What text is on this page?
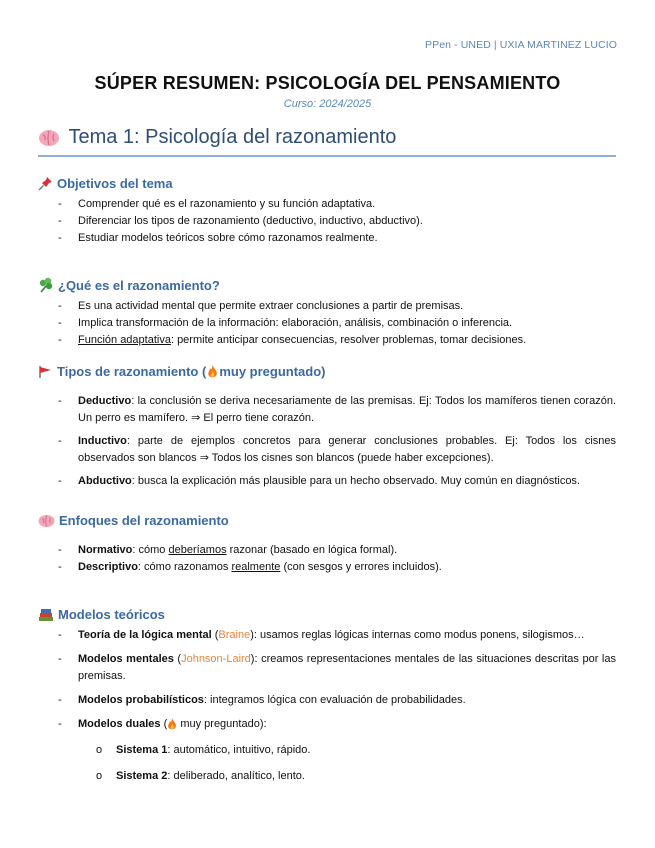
PPen - UNED | UXIA MARTINEZ LUCIO
SÚPER RESUMEN: PSICOLOGÍA DEL PENSAMIENTO
Curso: 2024/2025
Tema 1: Psicología del razonamiento
Objetivos del tema
- Comprender qué es el razonamiento y su función adaptativa.
- Diferenciar los tipos de razonamiento (deductivo, inductivo, abductivo).
- Estudiar modelos teóricos sobre cómo razonamos realmente.
¿Qué es el razonamiento?
- Es una actividad mental que permite extraer conclusiones a partir de premisas.
- Implica transformación de la información: elaboración, análisis, combinación o inferencia.
- Función adaptativa: permite anticipar consecuencias, resolver problemas, tomar decisiones.
Tipos de razonamiento
( muy preguntado)
- Deductivo: la conclusión se deriva necesariamente de las premisas. Ej: Todos los mamíferos tienen corazón. Un perro es mamífero. ⇒ El perro tiene corazón.
- Inductivo: parte de ejemplos concretos para generar conclusiones probables. Ej: Todos los cisnes observados son blancos ⇒ Todos los cisnes son blancos (puede haber excepciones).
- Abductivo: busca la explicación más plausible para un hecho observado. Muy común en diagnósticos.
Enfoques del razonamiento
- Normativo: cómo deberíamos razonar (basado en lógica formal).
- Descriptivo: cómo razonamos realmente (con sesgos y errores incluidos).
Modelos teóricos
- Teoría de la lógica mental (Braine): usamos reglas lógicas internas como modus ponens, silogismos…
- Modelos mentales (Johnson-Laird): creamos representaciones mentales de las situaciones descritas por las premisas.
- Modelos probabilísticos: integramos lógica con evaluación de probabilidades.
- Modelos duales (
muy preguntado):
o Sistema 1: automático, intuitivo, rápido.
o Sistema 2: deliberado, analítico, lento.
